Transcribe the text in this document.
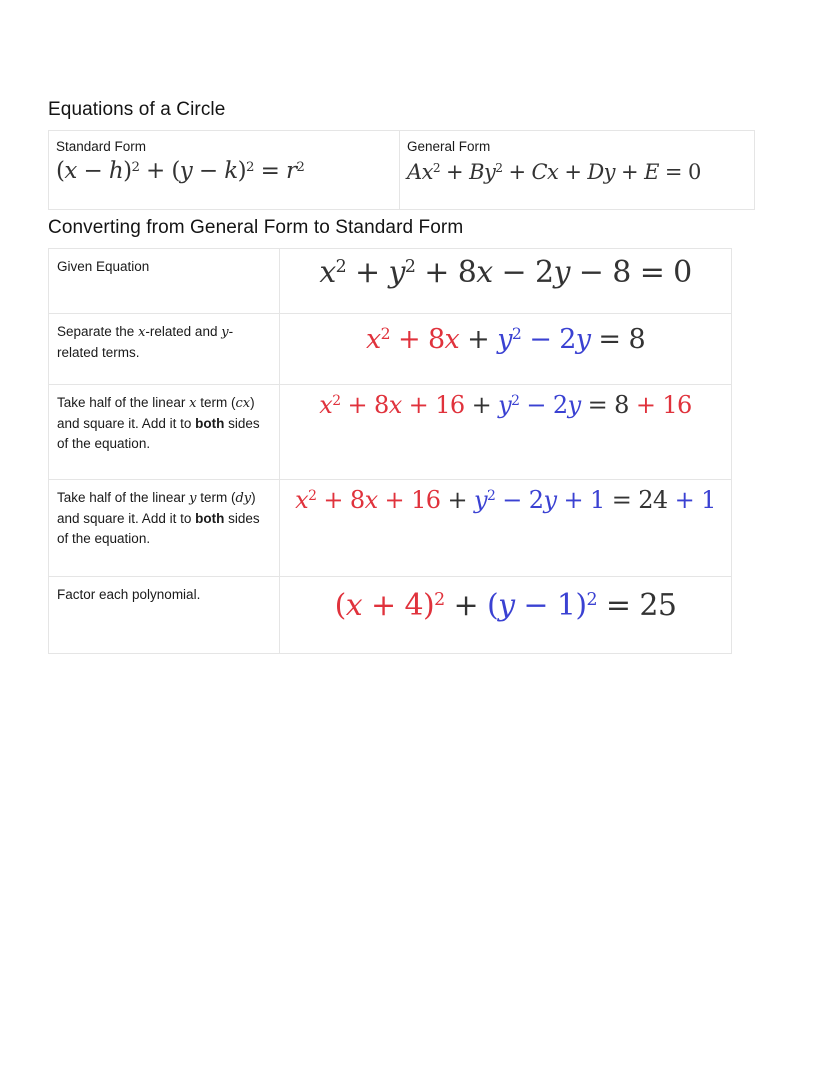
Equations of a Circle
Standard Form
$(x - h)^2 + (y - k)^2 = r^2$

General Form
$Ax^2 + By^2 + Cx + Dy + E = 0$
Converting from General Form to Standard Form
Given Equation	$x^2 + y^2 + 8x - 2y - 8 = 0$

Separate the x-related and y-related terms.	$x^2 + 8x + y^2 - 2y = 8$

Take half of the linear x term (cx) and square it. Add it to both sides of the equation.	$x^2 + 8x + 16 + y^2 - 2y = 8 + 16$

Take half of the linear y term (dy) and square it. Add it to both sides of the equation.	$x^2 + 8x + 16 + y^2 - 2y + 1 = 24 + 1$

Factor each polynomial.	$(x + 4)^2 + (y - 1)^2 = 25$
